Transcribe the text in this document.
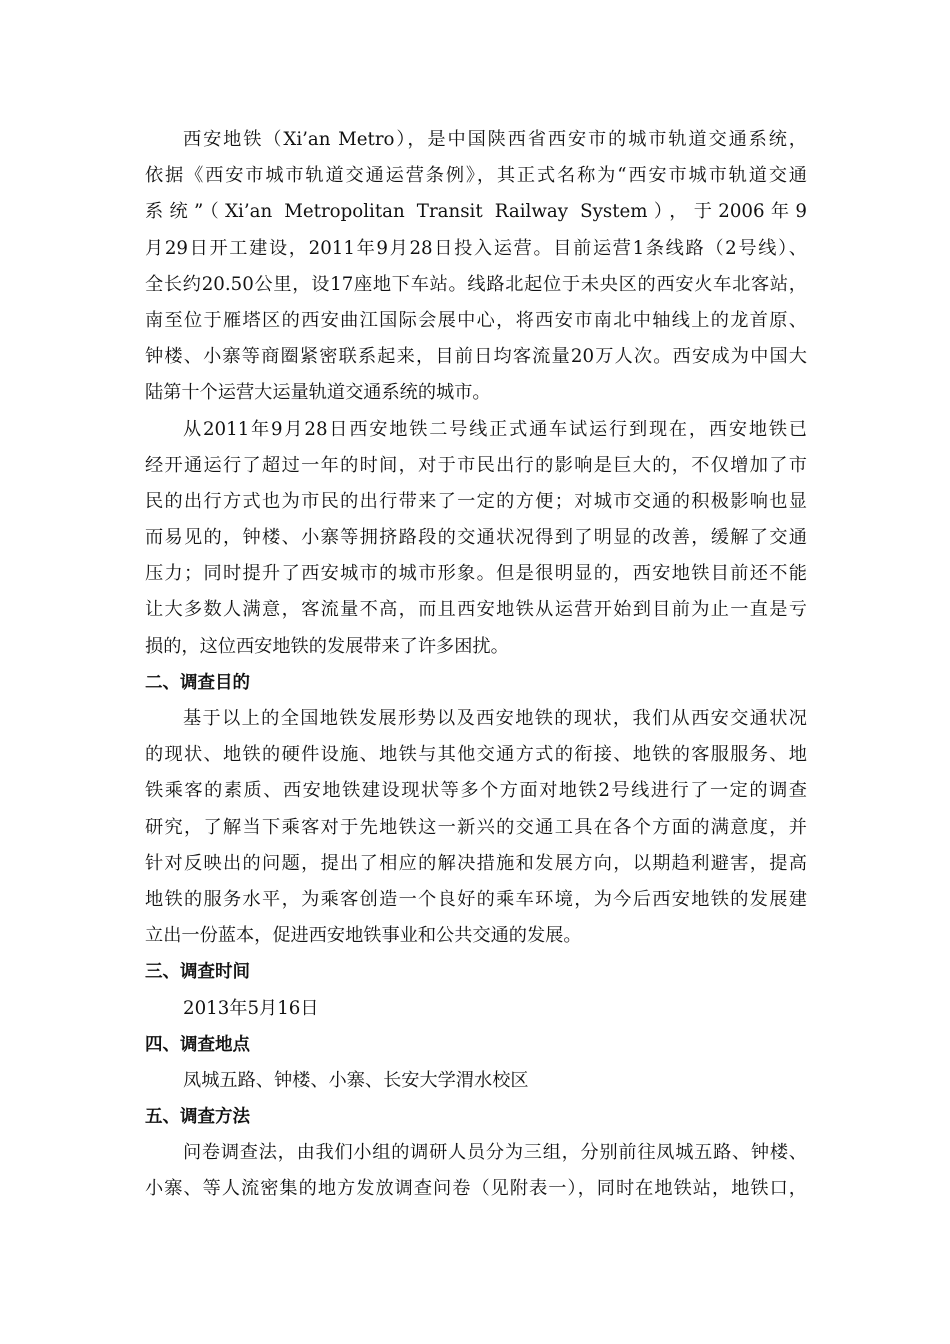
西安地铁（Xi’an Metro），是中国陕西省西安市的城市轨道交通系统，
依据《西安市城市轨道交通运营条例》，其正式名称为“西安市城市轨道交通
系统”（Xi’an Metropolitan Transit Railway System），于2006年9
月29日开工建设，2011年9月28日投入运营。目前运营1条线路（2号线）、
全长约20.50公里，设17座地下车站。线路北起位于未央区的西安火车北客站，
南至位于雁塔区的西安曲江国际会展中心，将西安市南北中轴线上的龙首原、
钟楼、小寨等商圈紧密联系起来，目前日均客流量20万人次。西安成为中国大
陆第十个运营大运量轨道交通系统的城市。
从2011年9月28日西安地铁二号线正式通车试运行到现在，西安地铁已
经开通运行了超过一年的时间，对于市民出行的影响是巨大的，不仅增加了市
民的出行方式也为市民的出行带来了一定的方便；对城市交通的积极影响也显
而易见的，钟楼、小寨等拥挤路段的交通状况得到了明显的改善，缓解了交通
压力；同时提升了西安城市的城市形象。但是很明显的，西安地铁目前还不能
让大多数人满意，客流量不高，而且西安地铁从运营开始到目前为止一直是亏
损的，这位西安地铁的发展带来了许多困扰。
二、调查目的
基于以上的全国地铁发展形势以及西安地铁的现状，我们从西安交通状况
的现状、地铁的硬件设施、地铁与其他交通方式的衔接、地铁的客服服务、地
铁乘客的素质、西安地铁建设现状等多个方面对地铁2号线进行了一定的调查
研究，了解当下乘客对于先地铁这一新兴的交通工具在各个方面的满意度，并
针对反映出的问题，提出了相应的解决措施和发展方向，以期趋利避害，提高
地铁的服务水平，为乘客创造一个良好的乘车环境，为今后西安地铁的发展建
立出一份蓝本，促进西安地铁事业和公共交通的发展。
三、调查时间
2013年5月16日
四、调查地点
凤城五路、钟楼、小寨、长安大学渭水校区
五、调查方法
问卷调查法，由我们小组的调研人员分为三组，分别前往凤城五路、钟楼、
小寨、等人流密集的地方发放调查问卷（见附表一），同时在地铁站，地铁口，
